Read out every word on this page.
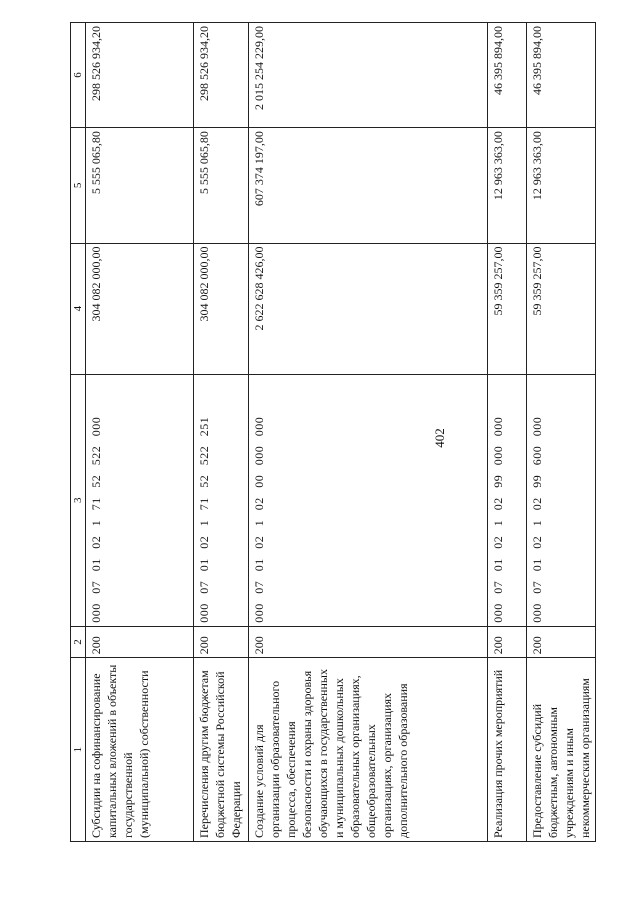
402
1	2	3	4	5	6
Субсидии на софинансирование капитальных вложений в объекты государственной (муниципальной) собственности	200	000 07 01 02 1 71 52 522 000	304 082 000,00	5 555 065,80	298 526 934,20
Перечисления другим бюджетам бюджетной системы Российской Федерации	200	000 07 01 02 1 71 52 522 251	304 082 000,00	5 555 065,80	298 526 934,20
Создание условий для организации образовательного процесса, обеспечения безопасности и охраны здоровья обучающихся в государственных и муниципальных дошкольных образовательных организациях, общеобразовательных организациях, организациях дополнительного образования	200	000 07 01 02 1 02 00 000 000	2 622 628 426,00	607 374 197,00	2 015 254 229,00
Реализация прочих мероприятий	200	000 07 01 02 1 02 99 000 000	59 359 257,00	12 963 363,00	46 395 894,00
Предоставление субсидий бюджетным, автономным учреждениям и иным некоммерческим организациям	200	000 07 01 02 1 02 99 600 000	59 359 257,00	12 963 363,00	46 395 894,00
